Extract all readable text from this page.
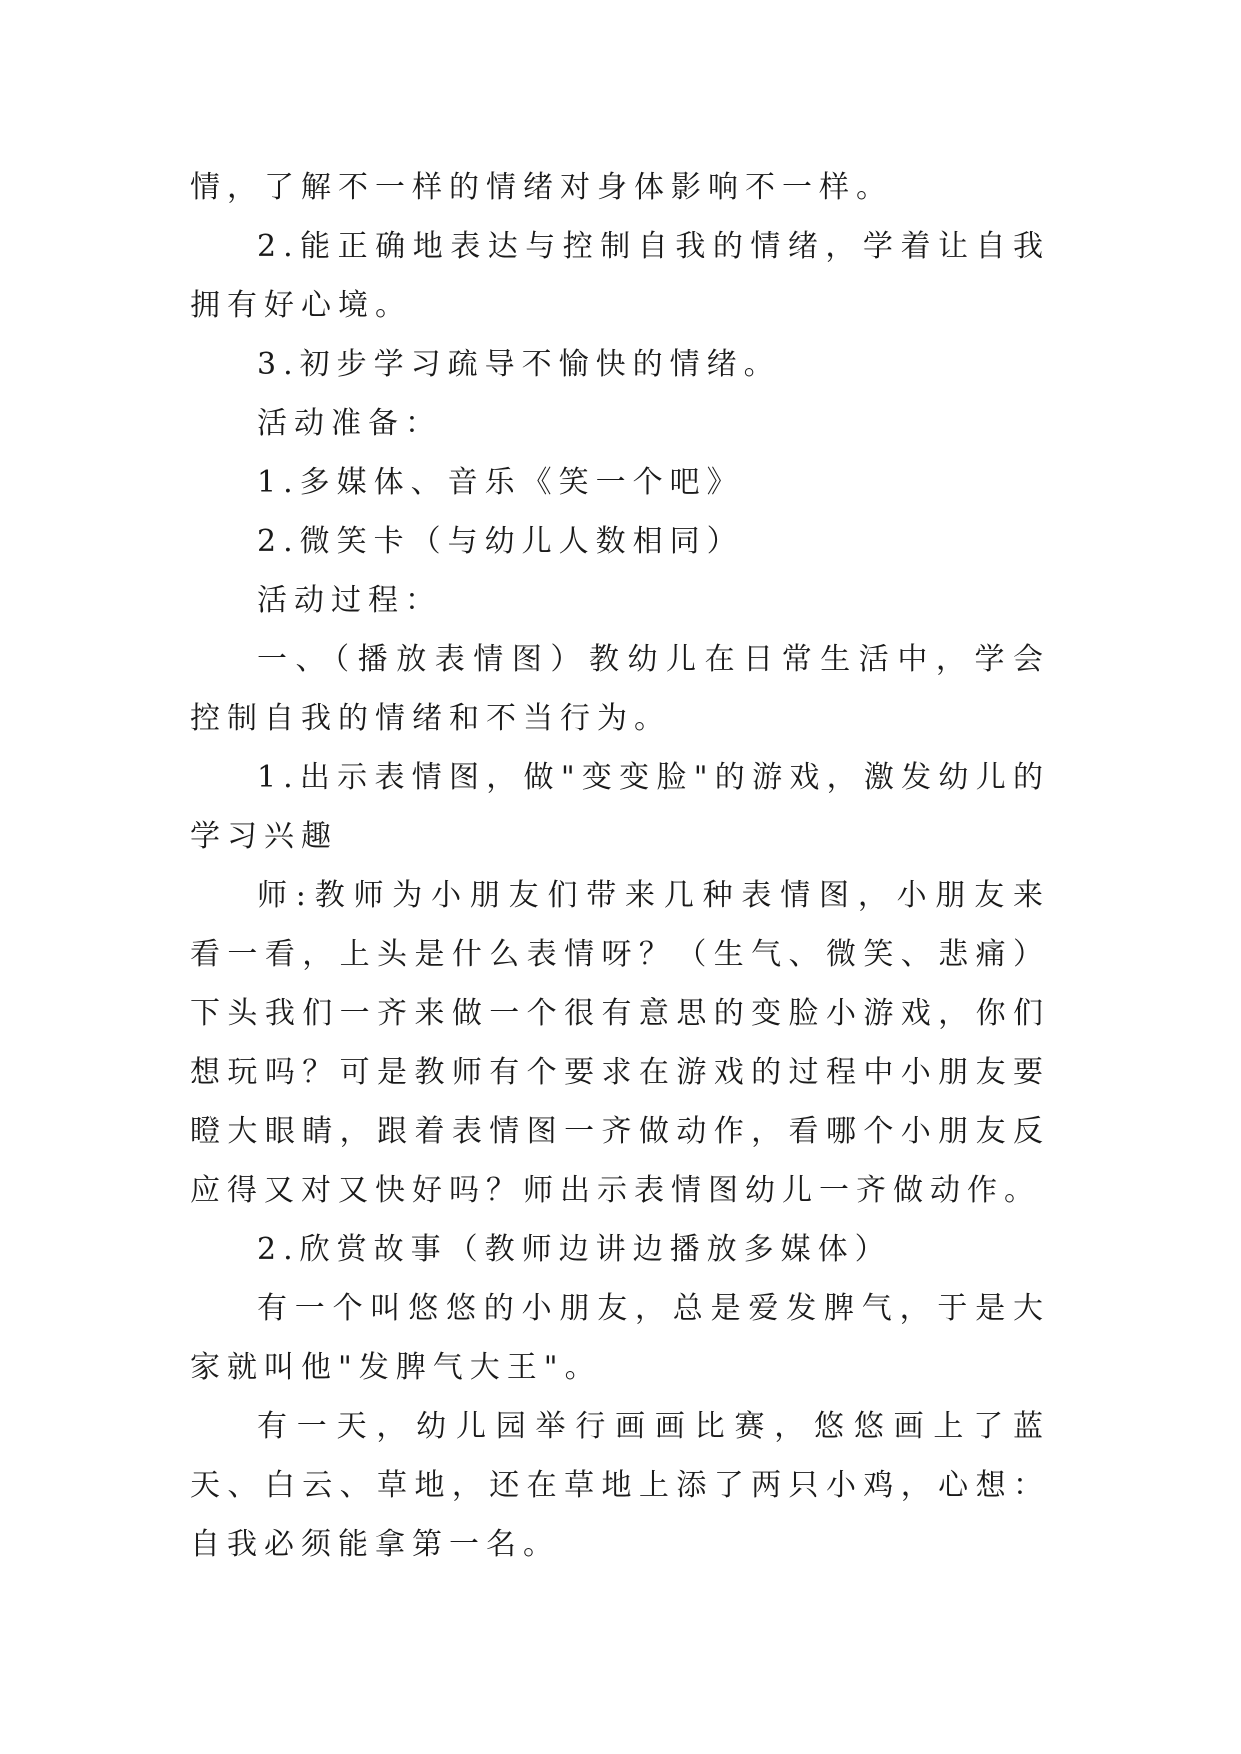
情，了解不一样的情绪对身体影响不一样。

2.能正确地表达与控制自我的情绪，学着让自我拥有好心境。

3.初步学习疏导不愉快的情绪。

活动准备：

1.多媒体、音乐《笑一个吧》

2.微笑卡（与幼儿人数相同）

活动过程：

一、（播放表情图）教幼儿在日常生活中，学会控制自我的情绪和不当行为。

1.出示表情图，做"变变脸"的游戏，激发幼儿的学习兴趣

师:教师为小朋友们带来几种表情图，小朋友来看一看，上头是什么表情呀？（生气、微笑、悲痛）下头我们一齐来做一个很有意思的变脸小游戏，你们想玩吗？可是教师有个要求在游戏的过程中小朋友要瞪大眼睛，跟着表情图一齐做动作，看哪个小朋友反应得又对又快好吗？师出示表情图幼儿一齐做动作。

2.欣赏故事（教师边讲边播放多媒体）

有一个叫悠悠的小朋友，总是爱发脾气，于是大家就叫他"发脾气大王"。

有一天，幼儿园举行画画比赛，悠悠画上了蓝天、白云、草地，还在草地上添了两只小鸡，心想：自我必须能拿第一名。
